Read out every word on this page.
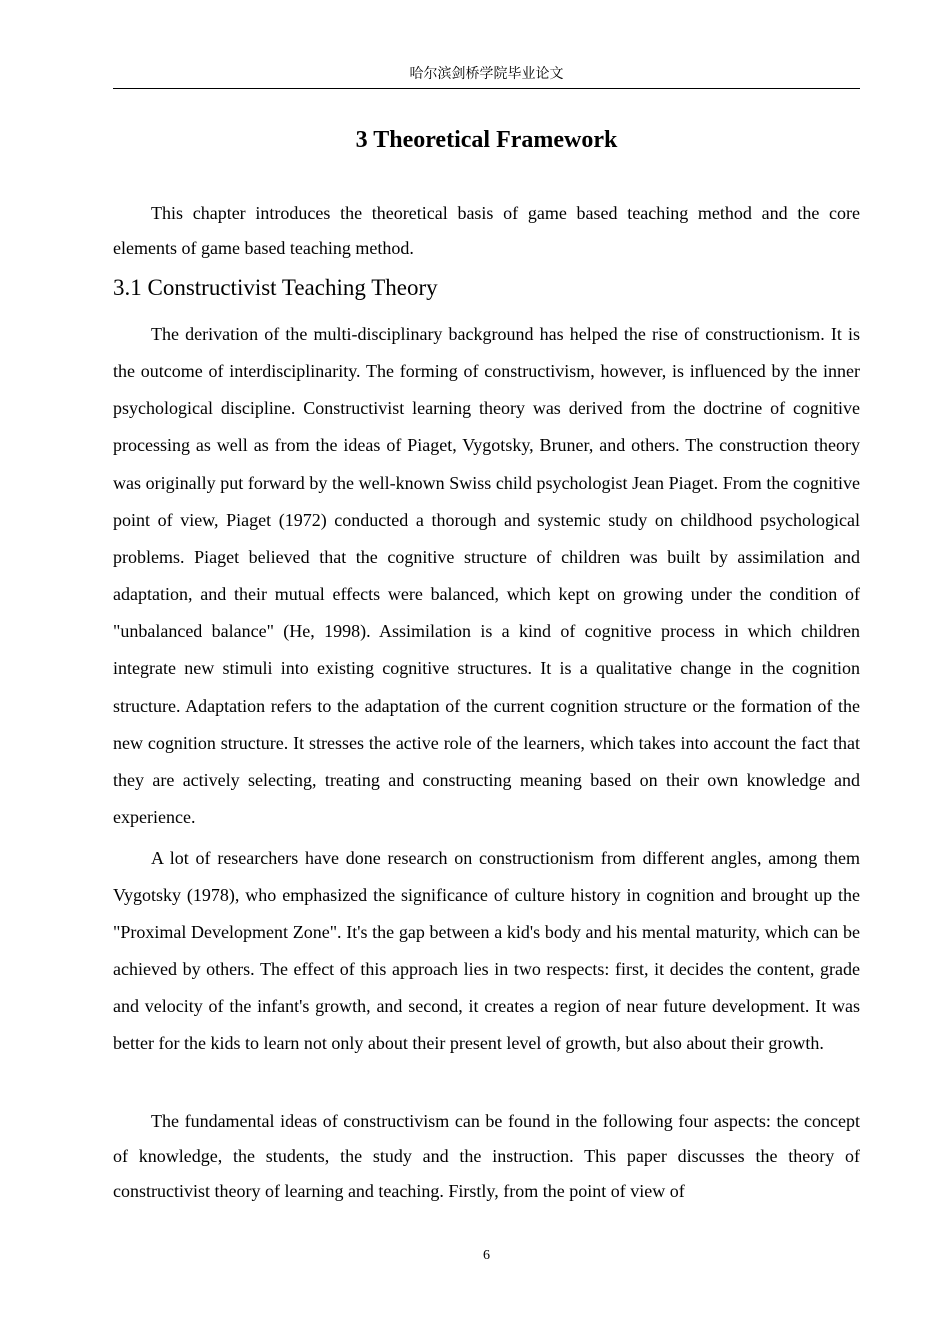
哈尔滨剑桥学院毕业论文
3 Theoretical Framework

This chapter introduces the theoretical basis of game based teaching method and the core elements of game based teaching method.

3.1 Constructivist Teaching Theory

The derivation of the multi-disciplinary background has helped the rise of constructionism. It is the outcome of interdisciplinarity. The forming of constructivism, however, is influenced by the inner psychological discipline. Constructivist learning theory was derived from the doctrine of cognitive processing as well as from the ideas of Piaget, Vygotsky, Bruner, and others. The construction theory was originally put forward by the well-known Swiss child psychologist Jean Piaget. From the cognitive point of view, Piaget (1972) conducted a thorough and systemic study on childhood psychological problems. Piaget believed that the cognitive structure of children was built by assimilation and adaptation, and their mutual effects were balanced, which kept on growing under the condition of "unbalanced balance" (He, 1998). Assimilation is a kind of cognitive process in which children integrate new stimuli into existing cognitive structures. It is a qualitative change in the cognition structure. Adaptation refers to the adaptation of the current cognition structure or the formation of the new cognition structure. It stresses the active role of the learners, which takes into account the fact that they are actively selecting, treating and constructing meaning based on their own knowledge and experience.

A lot of researchers have done research on constructionism from different angles, among them Vygotsky (1978), who emphasized the significance of culture history in cognition and brought up the "Proximal Development Zone". It's the gap between a kid's body and his mental maturity, which can be achieved by others. The effect of this approach lies in two respects: first, it decides the content, grade and velocity of the infant's growth, and second, it creates a region of near future development. It was better for the kids to learn not only about their present level of growth, but also about their growth.

The fundamental ideas of constructivism can be found in the following four aspects: the concept of knowledge, the students, the study and the instruction. This paper discusses the theory of constructivist theory of learning and teaching. Firstly, from the point of view of

6
